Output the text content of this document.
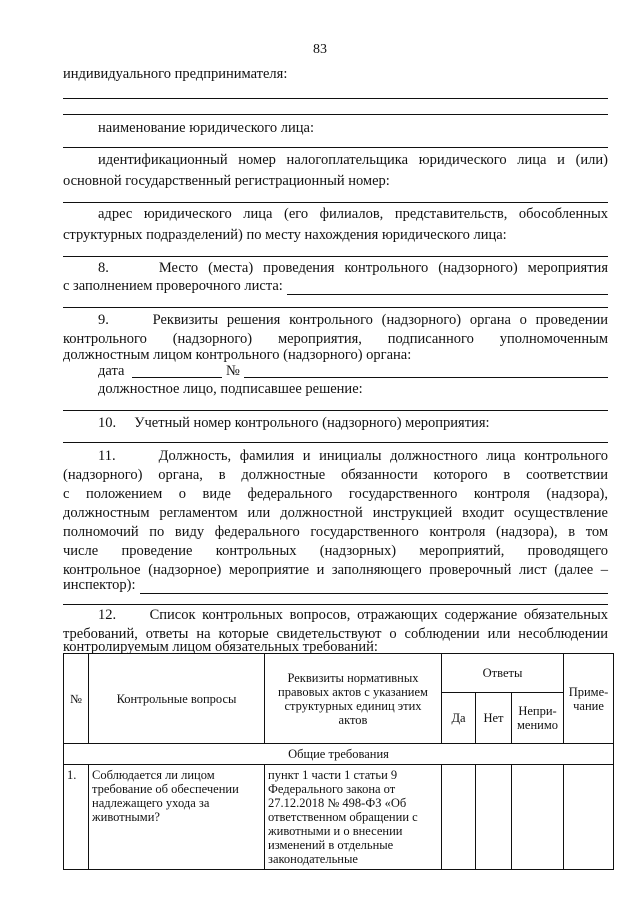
83
индивидуального предпринимателя:
наименование юридического лица:
идентификационный номер налогоплательщика юридического лица и (или)
основной государственный регистрационный номер:
адрес юридического лица (его филиалов, представительств, обособленных
структурных подразделений) по месту нахождения юридического лица:
8.     Место (места) проведения контрольного (надзорного) мероприятия
с заполнением проверочного листа:
9.     Реквизиты решения контрольного (надзорного) органа о проведении
контрольного (надзорного) мероприятия, подписанного уполномоченным
должностным лицом контрольного (надзорного) органа:
дата	№
должностное лицо, подписавшее решение:
10.     Учетный номер контрольного (надзорного) мероприятия:
11.     Должность, фамилия и инициалы должностного лица контрольного
(надзорного) органа, в должностные обязанности которого в соответствии
с положением о виде федерального государственного контроля (надзора),
должностным регламентом или должностной инструкцией входит осуществление
полномочий по виду федерального государственного контроля (надзора), в том
числе проведение контрольных (надзорных) мероприятий, проводящего
контрольное (надзорное) мероприятие и заполняющего проверочный лист (далее –
инспектор):
12.     Список контрольных вопросов, отражающих содержание обязательных
требований, ответы на которые свидетельствуют о соблюдении или несоблюдении
контролируемым лицом обязательных требований:
№	Контрольные вопросы	Реквизиты нормативных правовых актов с указанием структурных единиц этих актов	Ответы			Приме-
чание
			Да	Нет	Непри-
менимо	
Общие требования						
1.	Соблюдается ли лицом требование об обеспечении надлежащего ухода за животными?	пункт 1 части 1 статьи 9 Федерального закона от 27.12.2018 № 498-ФЗ «Об ответственном обращении с животными и о внесении изменений в отдельные законодательные				
